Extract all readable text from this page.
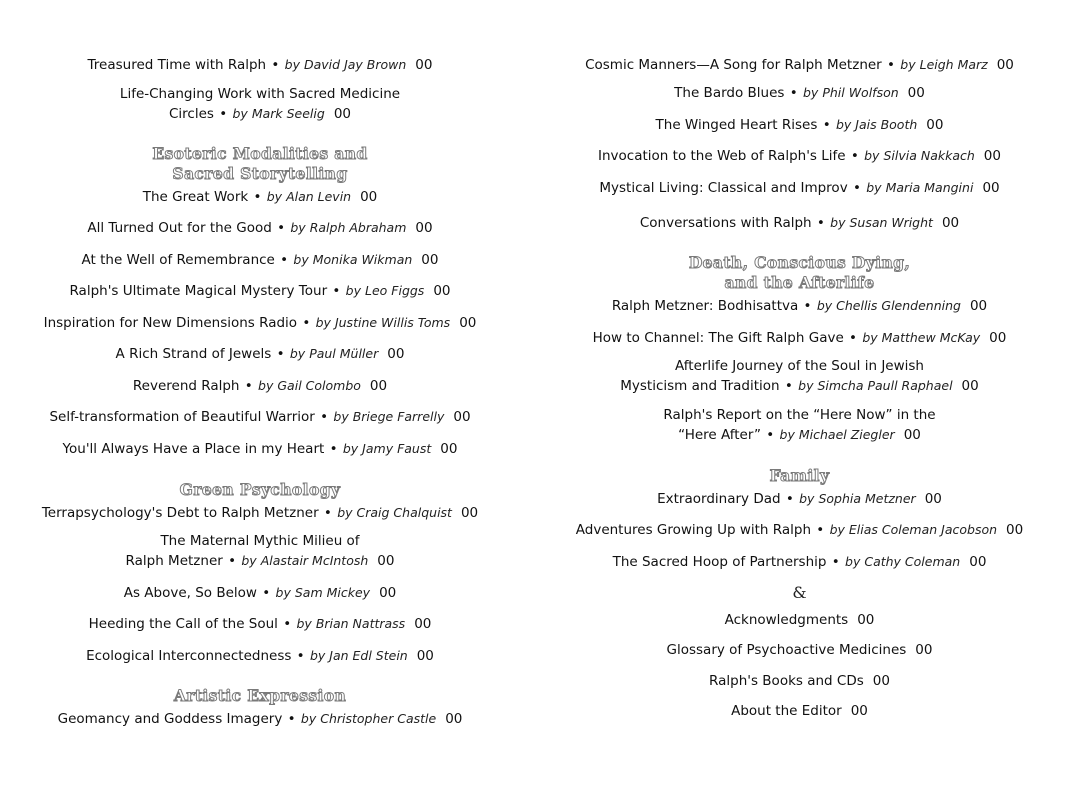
Treasured Time with Ralph • by David Jay Brown 00
Life-Changing Work with Sacred Medicine
Circles • by Mark Seelig 00
Esoteric Modalities and
Sacred Storytelling
The Great Work • by Alan Levin 00
All Turned Out for the Good • by Ralph Abraham 00
At the Well of Remembrance • by Monika Wikman 00
Ralph's Ultimate Magical Mystery Tour • by Leo Figgs 00
Inspiration for New Dimensions Radio • by Justine Willis Toms 00
A Rich Strand of Jewels • by Paul Müller 00
Reverend Ralph • by Gail Colombo 00
Self-transformation of Beautiful Warrior • by Briege Farrelly 00
You'll Always Have a Place in my Heart • by Jamy Faust 00
Green Psychology
Terrapsychology's Debt to Ralph Metzner • by Craig Chalquist 00
The Maternal Mythic Milieu of
Ralph Metzner • by Alastair McIntosh 00
As Above, So Below • by Sam Mickey 00
Heeding the Call of the Soul • by Brian Nattrass 00
Ecological Interconnectedness • by Jan Edl Stein 00
Artistic Expression
Geomancy and Goddess Imagery • by Christopher Castle 00
Cosmic Manners—A Song for Ralph Metzner • by Leigh Marz 00
The Bardo Blues • by Phil Wolfson 00
The Winged Heart Rises • by Jais Booth 00
Invocation to the Web of Ralph's Life • by Silvia Nakkach 00
Mystical Living: Classical and Improv • by Maria Mangini 00
Conversations with Ralph • by Susan Wright 00
Death, Conscious Dying,
and the Afterlife
Ralph Metzner: Bodhisattva • by Chellis Glendenning 00
How to Channel: The Gift Ralph Gave • by Matthew McKay 00
Afterlife Journey of the Soul in Jewish
Mysticism and Tradition • by Simcha Paull Raphael 00
Ralph's Report on the “Here Now” in the
“Here After” • by Michael Ziegler 00
Family
Extraordinary Dad • by Sophia Metzner 00
Adventures Growing Up with Ralph • by Elias Coleman Jacobson 00
The Sacred Hoop of Partnership • by Cathy Coleman 00
&
Acknowledgments 00
Glossary of Psychoactive Medicines 00
Ralph's Books and CDs 00
About the Editor 00
